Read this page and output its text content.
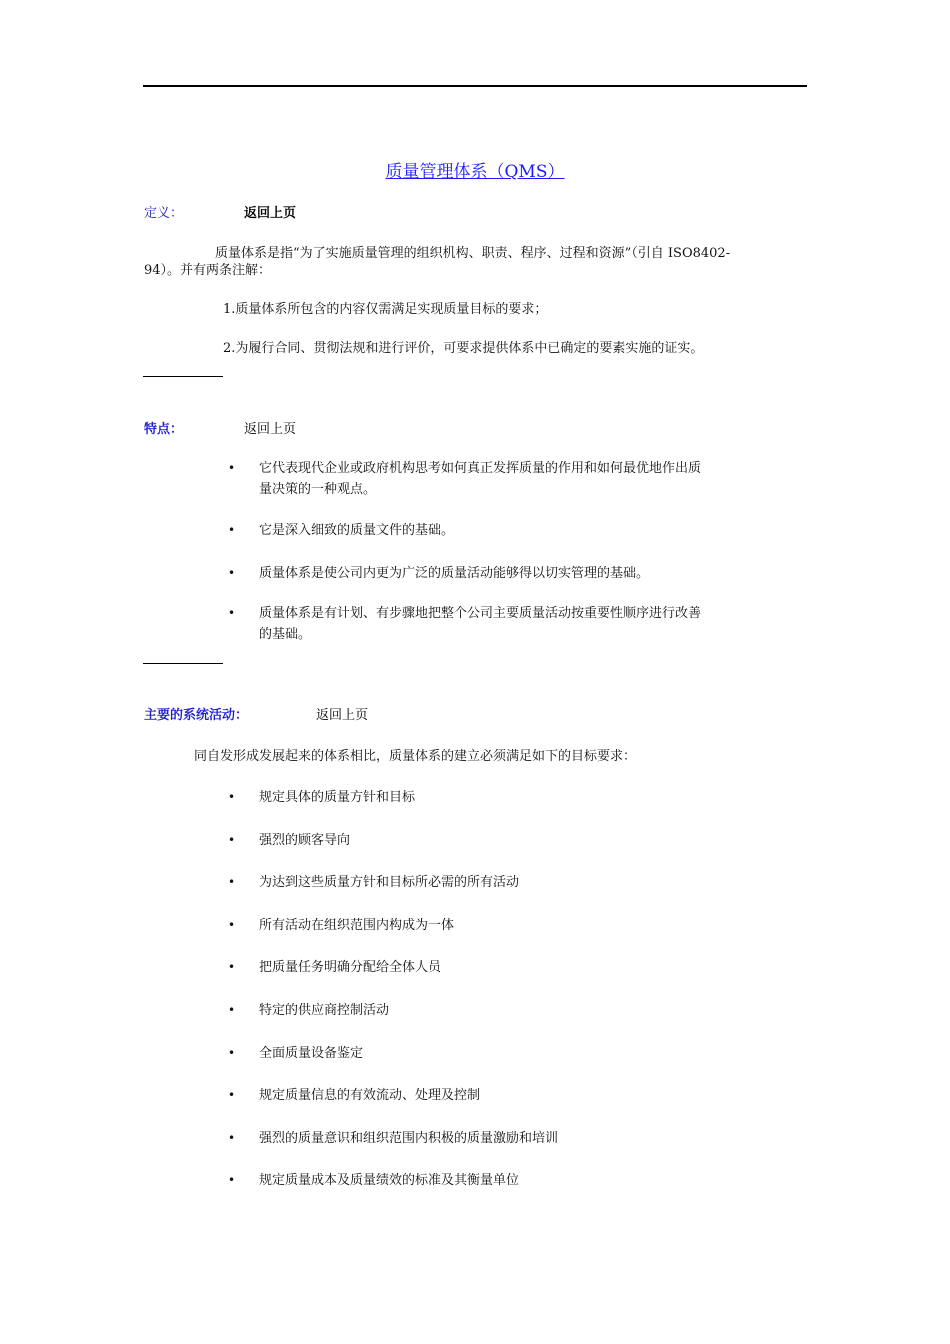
质量管理体系（QMS）
定义：	返回上页
质量体系是指“为了实施质量管理的组织机构、职责、程序、过程和资源”（引自 ISO8402-
94）。并有两条注解：
1.质量体系所包含的内容仅需满足实现质量目标的要求；
2.为履行合同、贯彻法规和进行评价，可要求提供体系中已确定的要素实施的证实。
特点：	返回上页
• 它代表现代企业或政府机构思考如何真正发挥质量的作用和如何最优地作出质
量决策的一种观点。
• 它是深入细致的质量文件的基础。
• 质量体系是使公司内更为广泛的质量活动能够得以切实管理的基础。
• 质量体系是有计划、有步骤地把整个公司主要质量活动按重要性顺序进行改善
的基础。
主要的系统活动：	返回上页
同自发形成发展起来的体系相比，质量体系的建立必须满足如下的目标要求：
• 规定具体的质量方针和目标
• 强烈的顾客导向
• 为达到这些质量方针和目标所必需的所有活动
• 所有活动在组织范围内构成为一体
• 把质量任务明确分配给全体人员
• 特定的供应商控制活动
• 全面质量设备鉴定
• 规定质量信息的有效流动、处理及控制
• 强烈的质量意识和组织范围内积极的质量激励和培训
• 规定质量成本及质量绩效的标准及其衡量单位
